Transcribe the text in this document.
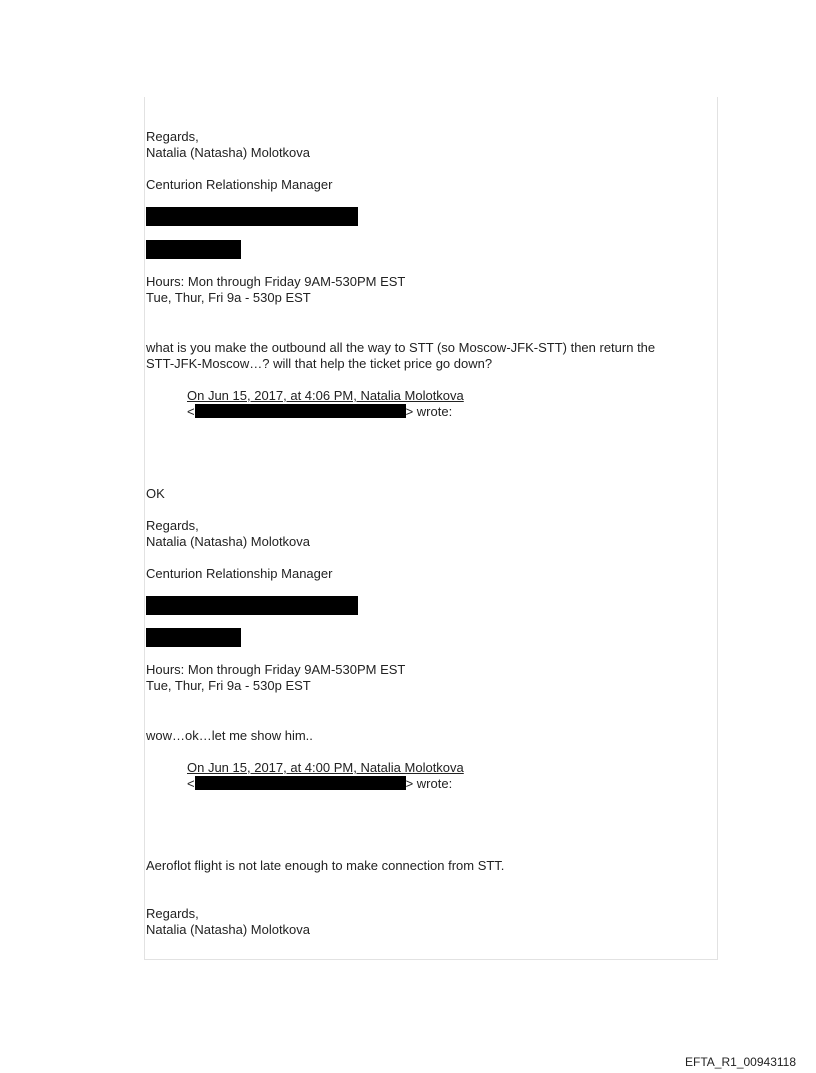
Regards,

Natalia (Natasha) Molotkova

Centurion Relationship Manager

Hours: Mon through Friday 9AM-530PM EST

Tue, Thur, Fri 9a - 530p EST

what is you make the outbound all the way to STT (so Moscow-JFK-STT) then return the

STT-JFK-Moscow…? will that help the ticket price go down?

On Jun 15, 2017, at 4:06 PM, Natalia Molotkova
<	> wrote:

OK

Regards,

Natalia (Natasha) Molotkova

Centurion Relationship Manager

Hours: Mon through Friday 9AM-530PM EST

Tue, Thur, Fri 9a - 530p EST

wow…ok…let me show him..

On Jun 15, 2017, at 4:00 PM, Natalia Molotkova
<	> wrote:

Aeroflot flight is not late enough to make connection from STT.

Regards,

Natalia (Natasha) Molotkova

EFTA_R1_00943118
